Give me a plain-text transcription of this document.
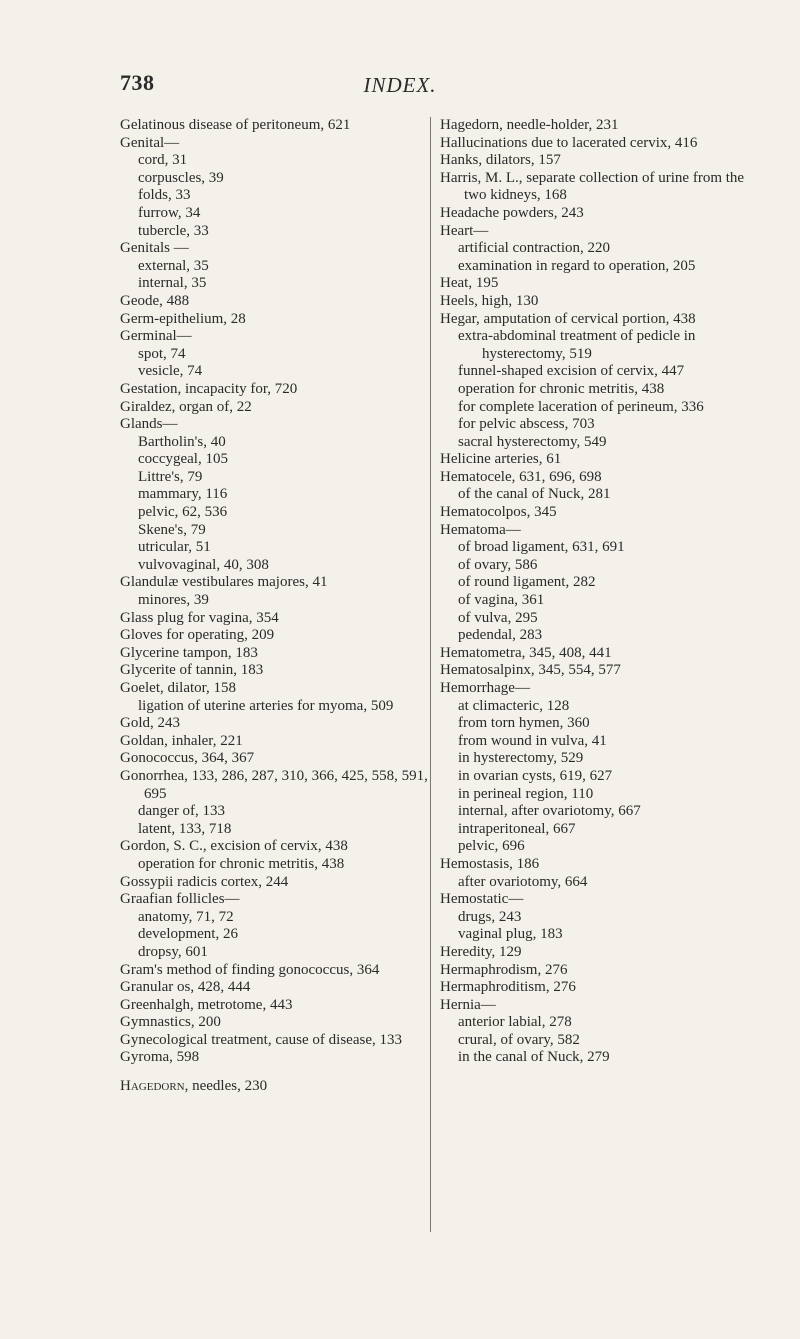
738	INDEX.
Gelatinous disease of peritoneum, 621
Genital—
cord, 31
corpuscles, 39
folds, 33
furrow, 34
tubercle, 33
Genitals —
external, 35
internal, 35
Geode, 488
Germ-epithelium, 28
Germinal—
spot, 74
vesicle, 74
Gestation, incapacity for, 720
Giraldez, organ of, 22
Glands—
Bartholin's, 40
coccygeal, 105
Littre's, 79
mammary, 116
pelvic, 62, 536
Skene's, 79
utricular, 51
vulvovaginal, 40, 308
Glandulæ vestibulares majores, 41
minores, 39
Glass plug for vagina, 354
Gloves for operating, 209
Glycerine tampon, 183
Glycerite of tannin, 183
Goelet, dilator, 158
ligation of uterine arteries for myoma, 509
Gold, 243
Goldan, inhaler, 221
Gonococcus, 364, 367
Gonorrhea, 133, 286, 287, 310, 366, 425, 558, 591, 695
danger of, 133
latent, 133, 718
Gordon, S. C., excision of cervix, 438
operation for chronic metritis, 438
Gossypii radicis cortex, 244
Graafian follicles—
anatomy, 71, 72
development, 26
dropsy, 601
Gram's method of finding gonococcus, 364
Granular os, 428, 444
Greenhalgh, metrotome, 443
Gymnastics, 200
Gynecological treatment, cause of disease, 133
Gyroma, 598
Hagedorn, needles, 230
Hagedorn, needle-holder, 231
Hallucinations due to lacerated cervix, 416
Hanks, dilators, 157
Harris, M. L., separate collection of urine from the two kidneys, 168
Headache powders, 243
Heart—
artificial contraction, 220
examination in regard to operation, 205
Heat, 195
Heels, high, 130
Hegar, amputation of cervical portion, 438
extra-abdominal treatment of pedicle in hysterectomy, 519
funnel-shaped excision of cervix, 447
operation for chronic metritis, 438
for complete laceration of perineum, 336
for pelvic abscess, 703
sacral hysterectomy, 549
Helicine arteries, 61
Hematocele, 631, 696, 698
of the canal of Nuck, 281
Hematocolpos, 345
Hematoma—
of broad ligament, 631, 691
of ovary, 586
of round ligament, 282
of vagina, 361
of vulva, 295
pedendal, 283
Hematometra, 345, 408, 441
Hematosalpinx, 345, 554, 577
Hemorrhage—
at climacteric, 128
from torn hymen, 360
from wound in vulva, 41
in hysterectomy, 529
in ovarian cysts, 619, 627
in perineal region, 110
internal, after ovariotomy, 667
intraperitoneal, 667
pelvic, 696
Hemostasis, 186
after ovariotomy, 664
Hemostatic—
drugs, 243
vaginal plug, 183
Heredity, 129
Hermaphrodism, 276
Hermaphroditism, 276
Hernia—
anterior labial, 278
crural, of ovary, 582
in the canal of Nuck, 279
